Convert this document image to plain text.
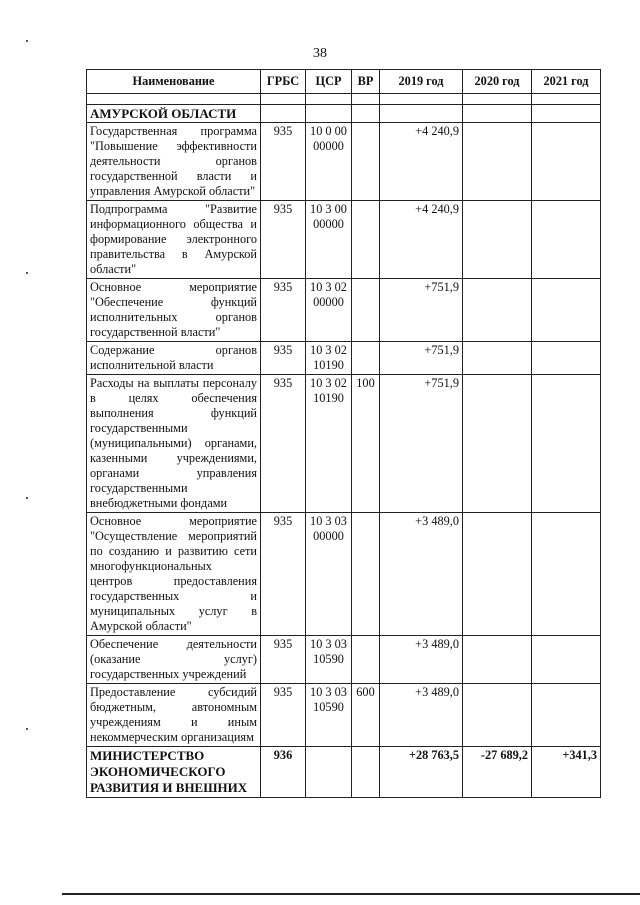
38
Наименование	ГРБС	ЦСР	ВР	2019 год	2020 год	2021 год

АМУРСКОЙ ОБЛАСТИ						
Государственная программа "Повышение эффективности деятельности органов государственной власти и управления Амурской области"	935	10 0 00 00000		+4 240,9		
Подпрограмма "Развитие информационного общества и формирование электронного правительства в Амурской области"	935	10 3 00 00000		+4 240,9		
Основное мероприятие "Обеспечение функций исполнительных органов государственной власти"	935	10 3 02 00000		+751,9		
Содержание органов исполнительной власти	935	10 3 02 10190		+751,9		
Расходы на выплаты персоналу в целях обеспечения выполнения функций государственными (муниципальными) органами, казенными учреждениями, органами управления государственными внебюджетными фондами	935	10 3 02 10190	100	+751,9		
Основное мероприятие "Осуществление мероприятий по созданию и развитию сети многофункциональных центров предоставления государственных и муниципальных услуг в Амурской области"	935	10 3 03 00000		+3 489,0		
Обеспечение деятельности (оказание услуг) государственных учреждений	935	10 3 03 10590		+3 489,0		
Предоставление субсидий бюджетным, автономным учреждениям и иным некоммерческим организациям	935	10 3 03 10590	600	+3 489,0		
МИНИСТЕРСТВО ЭКОНОМИЧЕСКОГО РАЗВИТИЯ И ВНЕШНИХ	936			+28 763,5	-27 689,2	+341,3
